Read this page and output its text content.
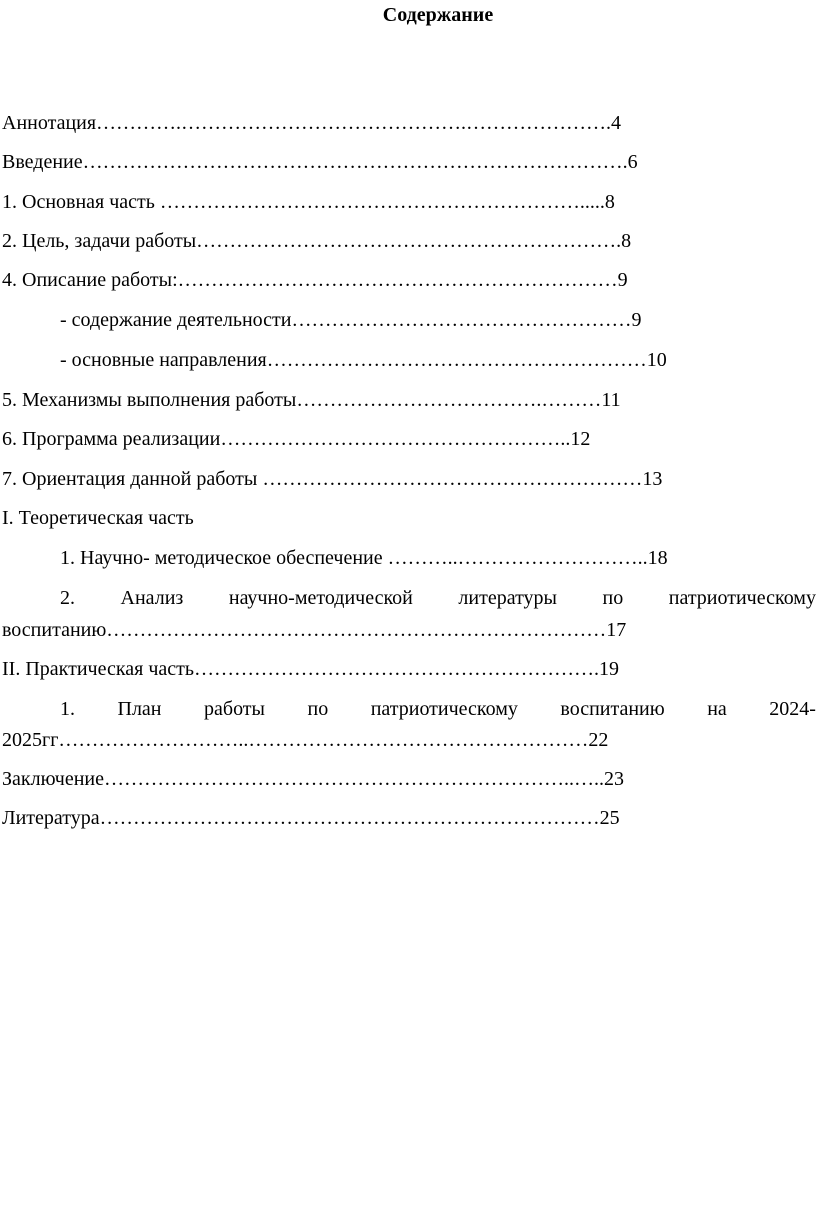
Содержание
Аннотация………….…………………………………….………………….4
Введение……………………………………………………………………….6
1. Основная часть ……………………………………………………….....8
2. Цель, задачи работы……………………………………………………….8
4. Описание работы:…………………………………………………………9
- содержание деятельности……………………………………………9
- основные направления…………………………………………………10
5. Механизмы выполнения работы……………………………….………11
6. Программа реализации……………………………………………..12
7. Ориентация данной работы …………………………………………………13
I. Теоретическая часть
1. Научно- методическое обеспечение ………..………………………..18
2. Анализ научно-методической литературы по патриотическому
воспитанию…………………………………………………………………17
II. Практическая часть…………………………………………………….19
1. План работы по патриотическому воспитанию на 2024-
2025гг………………………..……………………………………………22
Заключение……………………………………………………………..…..23
Литература…………………………………………………………………25
